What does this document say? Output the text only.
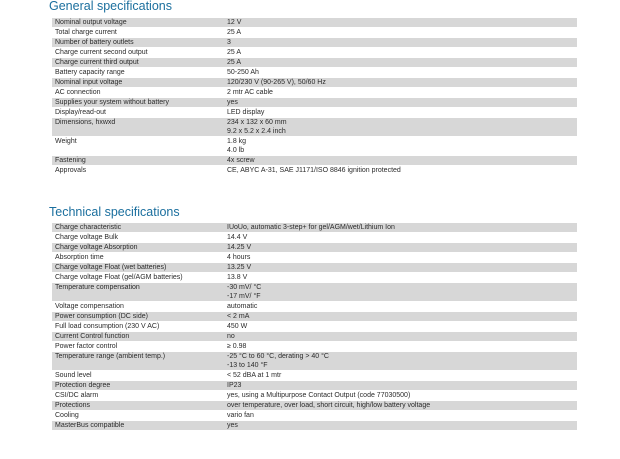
General specifications
Nominal output voltage	12 V

Total charge current	25 A

Number of battery outlets	3

Charge current second output	25 A

Charge current third output	25 A

Battery capacity range	50-250 Ah

Nominal input voltage	120/230 V (90-265 V), 50/60 Hz

AC connection	2 mtr AC cable

Supplies your system without battery	yes

Display/read-out	LED display

Dimensions, hxwxd	234 x 132 x 60 mm
9.2 x 5.2 x 2.4 inch

Weight	1.8 kg
4.0 lb

Fastening	4x screw

Approvals	CE, ABYC A-31, SAE J1171/ISO 8846 ignition protected
Technical specifications
Charge characteristic	IUoUo, automatic 3-step+ for gel/AGM/wet/Lithium Ion

Charge voltage Bulk	14.4 V

Charge voltage Absorption	14.25 V

Absorption time	4 hours

Charge voltage Float (wet batteries)	13.25 V

Charge voltage Float (gel/AGM batteries)	13.8 V

Temperature compensation	-30 mV/ °C
-17 mV/ °F

Voltage compensation	automatic

Power consumption (DC side)	< 2 mA

Full load consumption (230 V AC)	450 W

Current Control function	no

Power factor control	≥ 0.98

Temperature range (ambient temp.)	-25 °C to 60 °C, derating > 40 °C
-13 to 140 °F

Sound level	< 52 dBA at 1 mtr

Protection degree	IP23

CSI/DC alarm	yes, using a Multipurpose Contact Output (code 77030500)

Protections	over temperature, over load, short circuit, high/low battery voltage

Cooling	vario fan

MasterBus compatible	yes
